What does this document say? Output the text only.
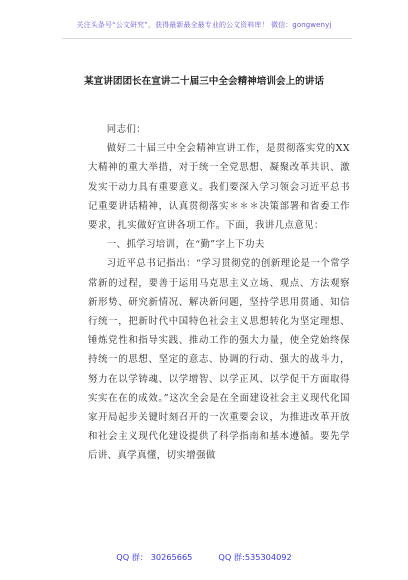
关注头条号“公文研究”，获得最新最全最专业的公文资料库！ 微信：gongwenyj
某宣讲团团长在宣讲二十届三中全会精神培训会上的讲话

同志们：

做好二十届三中全会精神宣讲工作，是贯彻落实党的XX大精神的重大举措，对于统一全党思想、凝聚改革共识、激发实干动力具有重要意义。我们要深入学习领会习近平总书记重要讲话精神，认真贯彻落实＊＊＊决策部署和省委工作要求，扎实做好宣讲各项工作。下面，我讲几点意见：

一、抓学习培训，在“勤”字上下功夫

习近平总书记指出：“学习贯彻党的创新理论是一个常学常新的过程，要善于运用马克思主义立场、观点、方法观察新形势、研究新情况、解决新问题，坚持学思用贯通、知信行统一，把新时代中国特色社会主义思想转化为坚定理想、锤炼党性和指导实践、推动工作的强大力量，使全党始终保持统一的思想、坚定的意志、协调的行动、强大的战斗力，努力在以学铸魂、以学增智、以学正风、以学促干方面取得实实在在的成效。”这次全会是在全面建设社会主义现代化国家开局起步关键时刻召开的一次重要会议，为推进改革开放和社会主义现代化建设提供了科学指南和基本遵循。要先学后讲、真学真懂，切实增强做

QQ 群： 30265665	QQ 群:535304092
